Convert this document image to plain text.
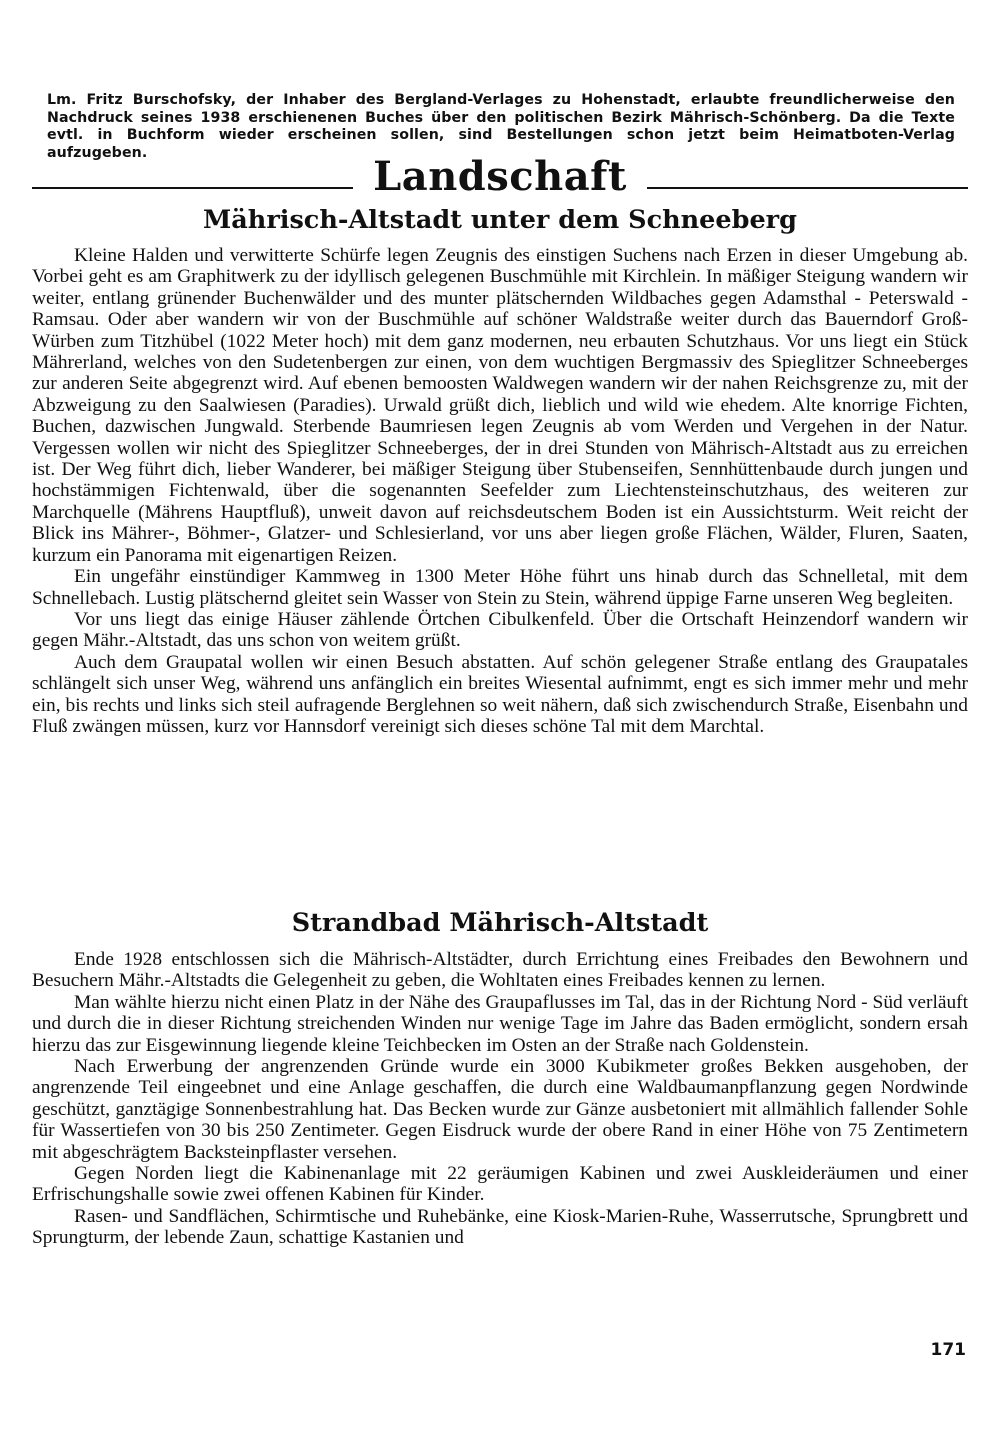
Lm. Fritz Burschofsky, der Inhaber des Bergland-Verlages zu Hohenstadt, erlaubte freundlicherweise den Nachdruck seines 1938 erschienenen Buches über den politischen Bezirk Mährisch-Schönberg. Da die Texte evtl. in Buchform wieder erscheinen sollen, sind Bestellungen schon jetzt beim Heimatboten-Verlag aufzugeben.	Landschaft
Mährisch-Altstadt unter dem Schneeberg

Kleine Halden und verwitterte Schürfe legen Zeugnis des einstigen Suchens nach Erzen in dieser Umgebung ab. Vorbei geht es am Graphitwerk zu der idyllisch gelegenen Buschmühle mit Kirchlein. In mäßiger Steigung wandern wir weiter, entlang grünender Buchenwälder und des munter plätschernden Wildbaches gegen Adamsthal - Peterswald - Ramsau. Oder aber wandern wir von der Buschmühle auf schöner Waldstraße weiter durch das Bauerndorf Groß-Würben zum Titzhübel (1022 Meter hoch) mit dem ganz modernen, neu erbauten Schutzhaus. Vor uns liegt ein Stück Mährerland, welches von den Sudetenbergen zur einen, von dem wuchtigen Bergmassiv des Spieglitzer Schneeberges zur anderen Seite abgegrenzt wird. Auf ebenen bemoosten Waldwegen wandern wir der nahen Reichsgrenze zu, mit der Abzweigung zu den Saalwiesen (Paradies). Urwald grüßt dich, lieblich und wild wie ehedem. Alte knorrige Fichten, Buchen, dazwischen Jungwald. Sterbende Baumriesen legen Zeugnis ab vom Werden und Vergehen in der Natur. Vergessen wollen wir nicht des Spieglitzer Schneeberges, der in drei Stunden von Mährisch-Altstadt aus zu erreichen ist. Der Weg führt dich, lieber Wanderer, bei mäßiger Steigung über Stubenseifen, Sennhüttenbaude durch jungen und hochstämmigen Fichtenwald, über die sogenannten Seefelder zum Liechtensteinschutzhaus, des weiteren zur Marchquelle (Mährens Hauptfluß), unweit davon auf reichsdeutschem Boden ist ein Aussichtsturm. Weit reicht der Blick ins Mährer-, Böhmer-, Glatzer- und Schlesierland, vor uns aber liegen große Flächen, Wälder, Fluren, Saaten, kurzum ein Panorama mit eigenartigen Reizen.

Ein ungefähr einstündiger Kammweg in 1300 Meter Höhe führt uns hinab durch das Schnelletal, mit dem Schnellebach. Lustig plätschernd gleitet sein Wasser von Stein zu Stein, während üppige Farne unseren Weg begleiten.

Vor uns liegt das einige Häuser zählende Örtchen Cibulkenfeld. Über die Ortschaft Heinzendorf wandern wir gegen Mähr.-Altstadt, das uns schon von weitem grüßt.

Auch dem Graupatal wollen wir einen Besuch abstatten. Auf schön gelegener Straße entlang des Graupatales schlängelt sich unser Weg, während uns anfänglich ein breites Wiesental aufnimmt, engt es sich immer mehr und mehr ein, bis rechts und links sich steil aufragende Berglehnen so weit nähern, daß sich zwischendurch Straße, Eisenbahn und Fluß zwängen müssen, kurz vor Hannsdorf vereinigt sich dieses schöne Tal mit dem Marchtal.

Strandbad Mährisch-Altstadt

Ende 1928 entschlossen sich die Mährisch-Altstädter, durch Errichtung eines Freibades den Bewohnern und Besuchern Mähr.-Altstadts die Gelegenheit zu geben, die Wohltaten eines Freibades kennen zu lernen.

Man wählte hierzu nicht einen Platz in der Nähe des Graupaflusses im Tal, das in der Richtung Nord - Süd verläuft und durch die in dieser Richtung streichenden Winden nur wenige Tage im Jahre das Baden ermöglicht, sondern ersah hierzu das zur Eisgewinnung liegende kleine Teichbecken im Osten an der Straße nach Goldenstein.

Nach Erwerbung der angrenzenden Gründe wurde ein 3000 Kubikmeter großes Bekken ausgehoben, der angrenzende Teil eingeebnet und eine Anlage geschaffen, die durch eine Waldbaumanpflanzung gegen Nordwinde geschützt, ganztägige Sonnenbestrahlung hat. Das Becken wurde zur Gänze ausbetoniert mit allmählich fallender Sohle für Wassertiefen von 30 bis 250 Zentimeter. Gegen Eisdruck wurde der obere Rand in einer Höhe von 75 Zentimetern mit abgeschrägtem Backsteinpflaster versehen.

Gegen Norden liegt die Kabinenanlage mit 22 geräumigen Kabinen und zwei Auskleideräumen und einer Erfrischungshalle sowie zwei offenen Kabinen für Kinder.

Rasen- und Sandflächen, Schirmtische und Ruhebänke, eine Kiosk-Marien-Ruhe, Wasserrutsche, Sprungbrett und Sprungturm, der lebende Zaun, schattige Kastanien und

171
